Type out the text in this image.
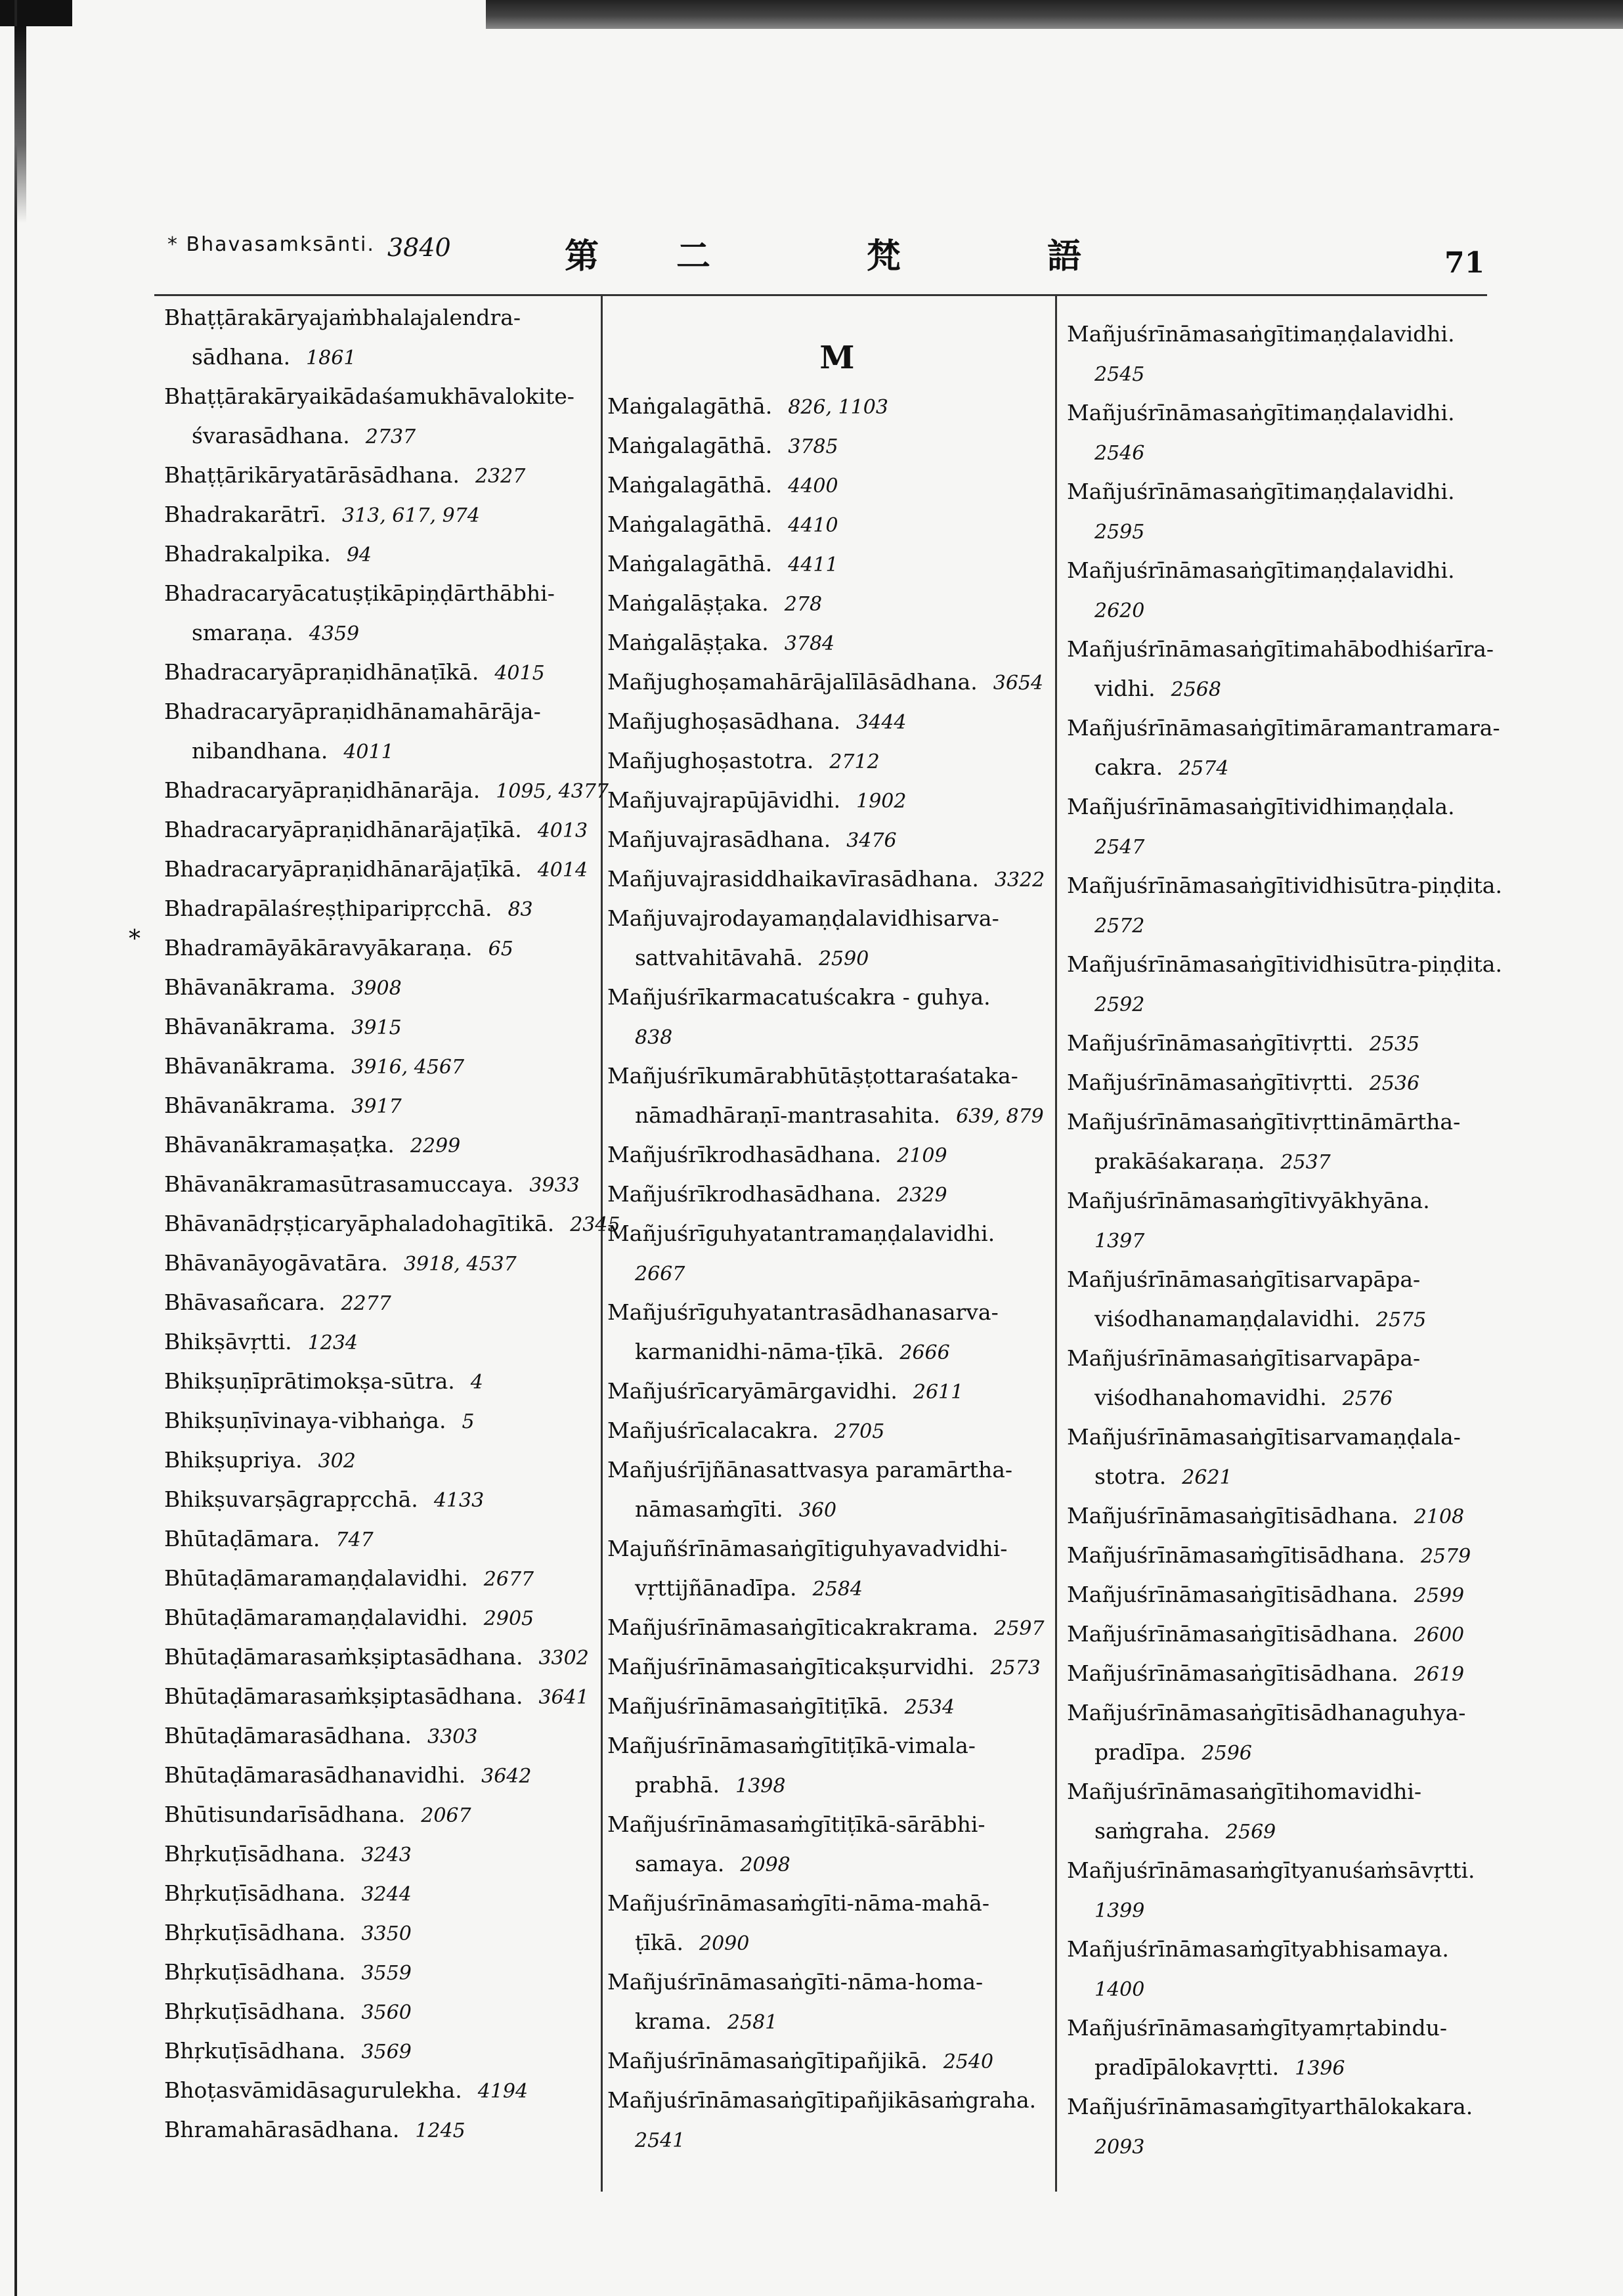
* Bhavasamksānti. 3840	第 二	梵	語	71
Bhaṭṭārakāryajaṁbhalajalendra-
sādhana. 1861
Bhaṭṭārakāryaikādaśamukhāvalokite-
śvarasādhana. 2737
Bhaṭṭārikāryatārāsādhana. 2327
Bhadrakarātrī. 313, 617, 974
Bhadrakalpika. 94
Bhadracaryācatuṣṭikāpiṇḍārthābhi-
smaraṇa. 4359
Bhadracaryāpraṇidhānaṭīkā. 4015
Bhadracaryāpraṇidhānamahārāja-
nibandhana. 4011
Bhadracaryāpraṇidhānarāja. 1095, 4377
Bhadracaryāpraṇidhānarājaṭīkā. 4013
Bhadracaryāpraṇidhānarājaṭīkā. 4014
Bhadrapālaśreṣṭhiparipṛcchā. 83
Bhadramāyākāravyākaraṇa. 65
Bhāvanākrama. 3908
Bhāvanākrama. 3915
Bhāvanākrama. 3916, 4567
Bhāvanākrama. 3917
Bhāvanākramaṣaṭka. 2299
Bhāvanākramasūtrasamuccaya. 3933
Bhāvanādṛṣṭicaryāphaladohagītikā. 2345
Bhāvanāyogāvatāra. 3918, 4537
Bhāvasañcara. 2277
Bhikṣāvṛtti. 1234
Bhikṣuṇīprātimokṣa-sūtra. 4
Bhikṣuṇīvinaya-vibhaṅga. 5
Bhikṣupriya. 302
Bhikṣuvarṣāgrapṛcchā. 4133
Bhūtaḍāmara. 747
Bhūtaḍāmaramaṇḍalavidhi. 2677
Bhūtaḍāmaramaṇḍalavidhi. 2905
Bhūtaḍāmarasaṁkṣiptasādhana. 3302
Bhūtaḍāmarasaṁkṣiptasādhana. 3641
Bhūtaḍāmarasādhana. 3303
Bhūtaḍāmarasādhanavidhi. 3642
Bhūtisundarīsādhana. 2067
Bhṛkuṭīsādhana. 3243
Bhṛkuṭīsādhana. 3244
Bhṛkuṭīsādhana. 3350
Bhṛkuṭīsādhana. 3559
Bhṛkuṭīsādhana. 3560
Bhṛkuṭīsādhana. 3569
Bhoṭasvāmidāsagurulekha. 4194
Bhramahārasādhana. 1245
M
Maṅgalagāthā. 826, 1103
Maṅgalagāthā. 3785
Maṅgalagāthā. 4400
Maṅgalagāthā. 4410
Maṅgalagāthā. 4411
Maṅgalāṣṭaka. 278
Maṅgalāṣṭaka. 3784
Mañjughoṣamahārājalīlāsādhana. 3654
Mañjughoṣasādhana. 3444
Mañjughoṣastotra. 2712
Mañjuvajrapūjāvidhi. 1902
Mañjuvajrasādhana. 3476
Mañjuvajrasiddhaikavīrasādhana. 3322
Mañjuvajrodayamaṇḍalavidhisarva-
sattvahitāvahā. 2590
Mañjuśrīkarmacatuścakra - guhya.
838
Mañjuśrīkumārabhūtāṣṭottaraśataka-
nāmadhāraṇī-mantrasahita. 639, 879
Mañjuśrīkrodhasādhana. 2109
Mañjuśrīkrodhasādhana. 2329
Mañjuśrīguhyatantramaṇḍalavidhi.
2667
Mañjuśrīguhyatantrasādhanasarva-
karmanidhi-nāma-ṭīkā. 2666
Mañjuśrīcaryāmārgavidhi. 2611
Mañjuśrīcalacakra. 2705
Mañjuśrījñānasattvasya paramārtha-
nāmasaṁgīti. 360
Majuñśrīnāmasaṅgītiguhyavadvidhi-
vṛttijñānadīpa. 2584
Mañjuśrīnāmasaṅgīticakrakrama. 2597
Mañjuśrīnāmasaṅgīticakṣurvidhi. 2573
Mañjuśrīnāmasaṅgītiṭīkā. 2534
Mañjuśrīnāmasaṁgītiṭīkā-vimala-
prabhā. 1398
Mañjuśrīnāmasaṁgītiṭīkā-sārābhi-
samaya. 2098
Mañjuśrīnāmasaṁgīti-nāma-mahā-
ṭīkā. 2090
Mañjuśrīnāmasaṅgīti-nāma-homa-
krama. 2581
Mañjuśrīnāmasaṅgītipañjikā. 2540
Mañjuśrīnāmasaṅgītipañjikāsaṁgraha.
2541
Mañjuśrīnāmasaṅgītimaṇḍalavidhi.
2545
Mañjuśrīnāmasaṅgītimaṇḍalavidhi.
2546
Mañjuśrīnāmasaṅgītimaṇḍalavidhi.
2595
Mañjuśrīnāmasaṅgītimaṇḍalavidhi.
2620
Mañjuśrīnāmasaṅgītimahābodhiśarīra-
vidhi. 2568
Mañjuśrīnāmasaṅgītimāramantramara-
cakra. 2574
Mañjuśrīnāmasaṅgītividhimaṇḍala.
2547
Mañjuśrīnāmasaṅgītividhisūtra-piṇḍita.
2572
Mañjuśrīnāmasaṅgītividhisūtra-piṇḍita.
2592
Mañjuśrīnāmasaṅgītivṛtti. 2535
Mañjuśrīnāmasaṅgītivṛtti. 2536
Mañjuśrīnāmasaṅgītivṛttināmārtha-
prakāśakaraṇa. 2537
Mañjuśrīnāmasaṁgītivyākhyāna.
1397
Mañjuśrīnāmasaṅgītisarvapāpa-
viśodhanamaṇḍalavidhi. 2575
Mañjuśrīnāmasaṅgītisarvapāpa-
viśodhanahomavidhi. 2576
Mañjuśrīnāmasaṅgītisarvamaṇḍala-
stotra. 2621
Mañjuśrīnāmasaṅgītisādhana. 2108
Mañjuśrīnāmasaṁgītisādhana. 2579
Mañjuśrīnāmasaṅgītisādhana. 2599
Mañjuśrīnāmasaṅgītisādhana. 2600
Mañjuśrīnāmasaṅgītisādhana. 2619
Mañjuśrīnāmasaṅgītisādhanaguhya-
pradīpa. 2596
Mañjuśrīnāmasaṅgītihomavidhi-
saṁgraha. 2569
Mañjuśrīnāmasaṁgītyanuśaṁsāvṛtti.
1399
Mañjuśrīnāmasaṁgītyabhisamaya.
1400
Mañjuśrīnāmasaṁgītyamṛtabindu-
pradīpālokavṛtti. 1396
Mañjuśrīnāmasaṁgītyarthālokakara.
2093
*
